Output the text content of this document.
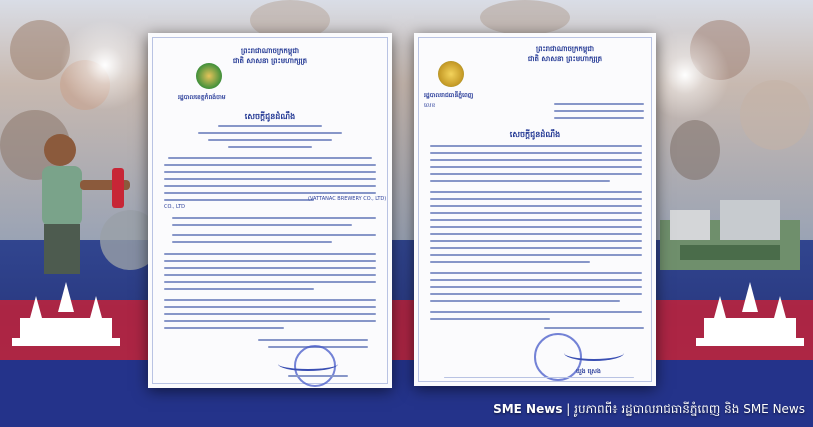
ព្រះរាជាណាចក្រកម្ពុជា
ជាតិ សាសនា ព្រះមហាក្សត្រ
រដ្ឋបាលខេត្តកំពង់ចាម
សេចក្តីជូនដំណឹង
(VATTANAC BREWERY CO., LTD)
CO., LTD
ព្រះរាជាណាចក្រកម្ពុជា
ជាតិ សាសនា ព្រះមហាក្សត្រ
រដ្ឋបាលរាជធានីភ្នំពេញ
លេខ
សេចក្តីជូនដំណឹង
ឃួង ស្រេង
SME News | រូបភាពពី៖ រដ្ឋបាលរាជធានីភ្នំពេញ និង SME News
